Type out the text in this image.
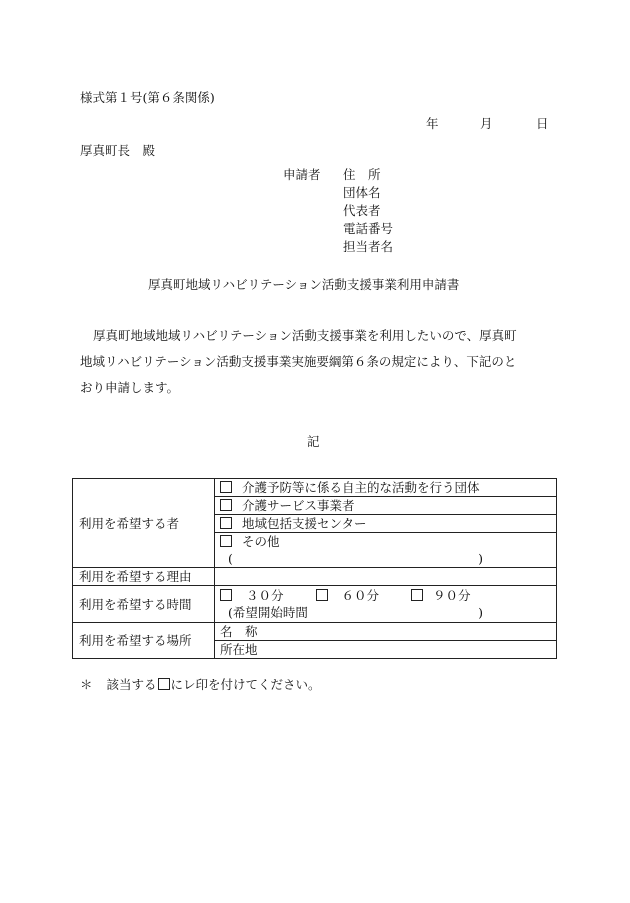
様式第１号(第６条関係)
年	月	日
厚真町長　殿
申請者 住　所
団体名
代表者
電話番号
担当者名
厚真町地域リハビリテーション活動支援事業利用申請書
厚真町地域地域リハビリテーション活動支援事業を利用したいので、厚真町
地域リハビリテーション活動支援事業実施要綱第６条の規定により、下記のと
おり申請します。
記
利用を希望する者	介護予防等に係る自主的な活動を行う団体
	介護サービス事業者
	地域包括支援センター
	その他

	( )

利用を希望する理由	
利用を希望する時間	３０分 ６０分 ９０分
(希望開始時間 )

利用を希望する場所	名　称
	所在地
＊ 該当する にレ印を付けてください。
